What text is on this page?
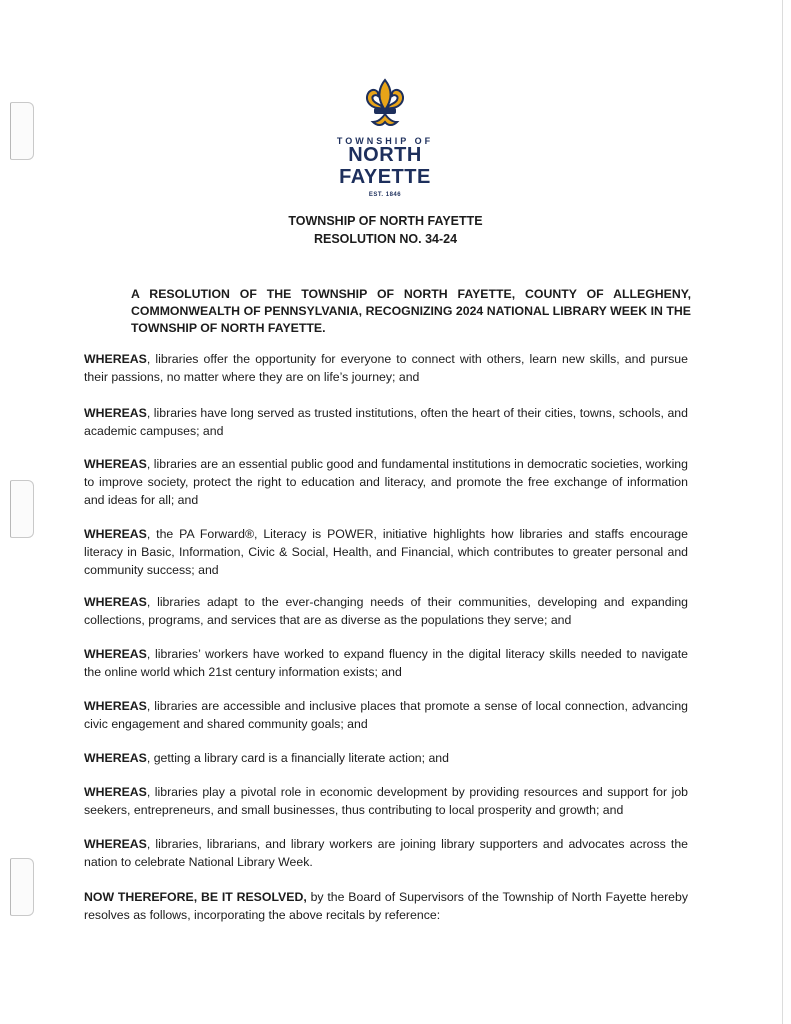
TOWNSHIP OF
NORTH FAYETTE
EST. 1846
TOWNSHIP OF NORTH FAYETTE
RESOLUTION NO. 34-24
A RESOLUTION OF THE TOWNSHIP OF NORTH FAYETTE, COUNTY OF ALLEGHENY, COMMONWEALTH OF PENNSYLVANIA, RECOGNIZING 2024 NATIONAL LIBRARY WEEK IN THE TOWNSHIP OF NORTH FAYETTE.
WHEREAS, libraries offer the opportunity for everyone to connect with others, learn new skills, and pursue their passions, no matter where they are on life’s journey; and
WHEREAS, libraries have long served as trusted institutions, often the heart of their cities, towns, schools, and academic campuses; and
WHEREAS, libraries are an essential public good and fundamental institutions in democratic societies, working to improve society, protect the right to education and literacy, and promote the free exchange of information and ideas for all; and
WHEREAS, the PA Forward®, Literacy is POWER, initiative highlights how libraries and staffs encourage literacy in Basic, Information, Civic & Social, Health, and Financial, which contributes to greater personal and community success; and
WHEREAS, libraries adapt to the ever-changing needs of their communities, developing and expanding collections, programs, and services that are as diverse as the populations they serve; and
WHEREAS, libraries’ workers have worked to expand fluency in the digital literacy skills needed to navigate the online world which 21st century information exists; and
WHEREAS, libraries are accessible and inclusive places that promote a sense of local connection, advancing civic engagement and shared community goals; and
WHEREAS, getting a library card is a financially literate action; and
WHEREAS, libraries play a pivotal role in economic development by providing resources and support for job seekers, entrepreneurs, and small businesses, thus contributing to local prosperity and growth; and
WHEREAS, libraries, librarians, and library workers are joining library supporters and advocates across the nation to celebrate National Library Week.
NOW THEREFORE, BE IT RESOLVED, by the Board of Supervisors of the Township of North Fayette hereby resolves as follows, incorporating the above recitals by reference:
